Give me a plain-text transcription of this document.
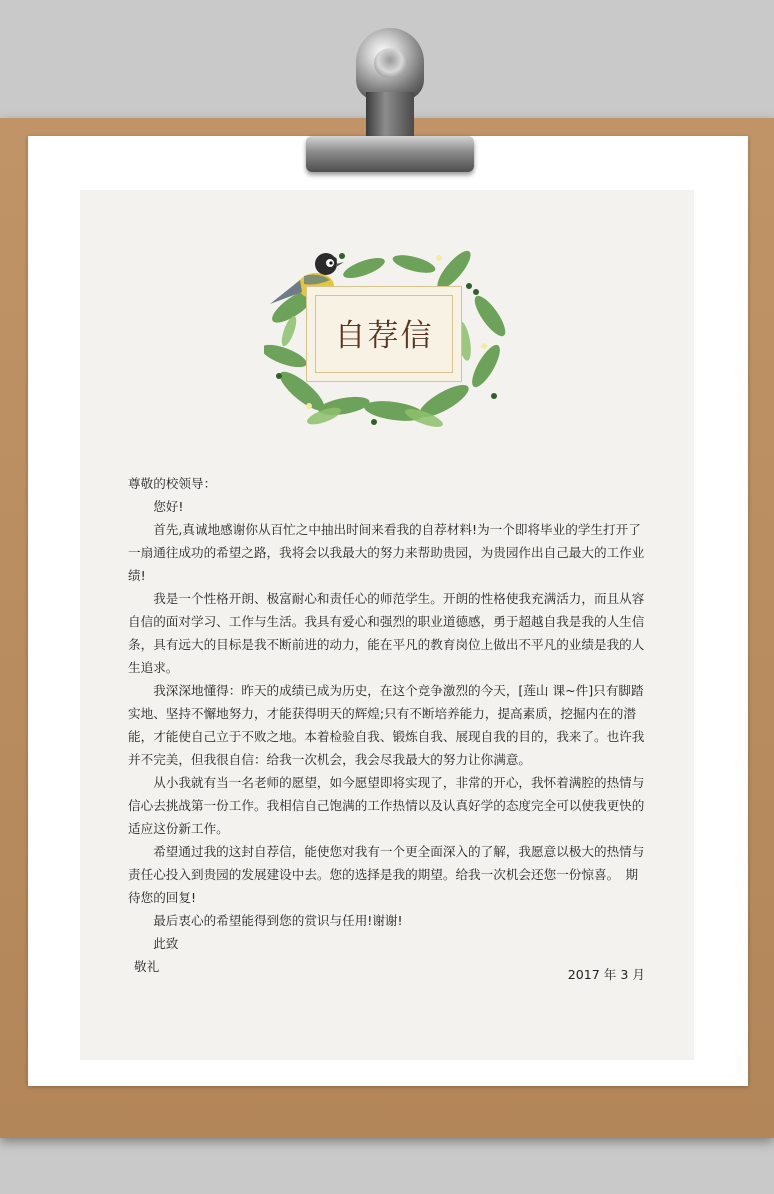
自荐信

尊敬的校领导：

您好!

首先,真诚地感谢你从百忙之中抽出时间来看我的自荐材料!为一个即将毕业的学生打开了一扇通往成功的希望之路，我将会以我最大的努力来帮助贵园，为贵园作出自己最大的工作业绩!

我是一个性格开朗、极富耐心和责任心的师范学生。开朗的性格使我充满活力，而且从容自信的面对学习、工作与生活。我具有爱心和强烈的职业道德感，勇于超越自我是我的人生信条，具有远大的目标是我不断前进的动力，能在平凡的教育岗位上做出不平凡的业绩是我的人生追求。

我深深地懂得：昨天的成绩已成为历史，在这个竞争激烈的今天，[莲山 课~件]只有脚踏实地、坚持不懈地努力，才能获得明天的辉煌;只有不断培养能力，提高素质，挖掘内在的潜能，才能使自己立于不败之地。本着检验自我、锻炼自我、展现自我的目的，我来了。也许我并不完美，但我很自信：给我一次机会，我会尽我最大的努力让你满意。

从小我就有当一名老师的愿望，如今愿望即将实现了，非常的开心，我怀着满腔的热情与信心去挑战第一份工作。我相信自己饱满的工作热情以及认真好学的态度完全可以使我更快的适应这份新工作。

希望通过我的这封自荐信，能使您对我有一个更全面深入的了解，我愿意以极大的热情与责任心投入到贵园的发展建设中去。您的选择是我的期望。给我一次机会还您一份惊喜。　期待您的回复!

最后衷心的希望能得到您的赏识与任用!谢谢!

此致

敬礼

2017 年 3 月
